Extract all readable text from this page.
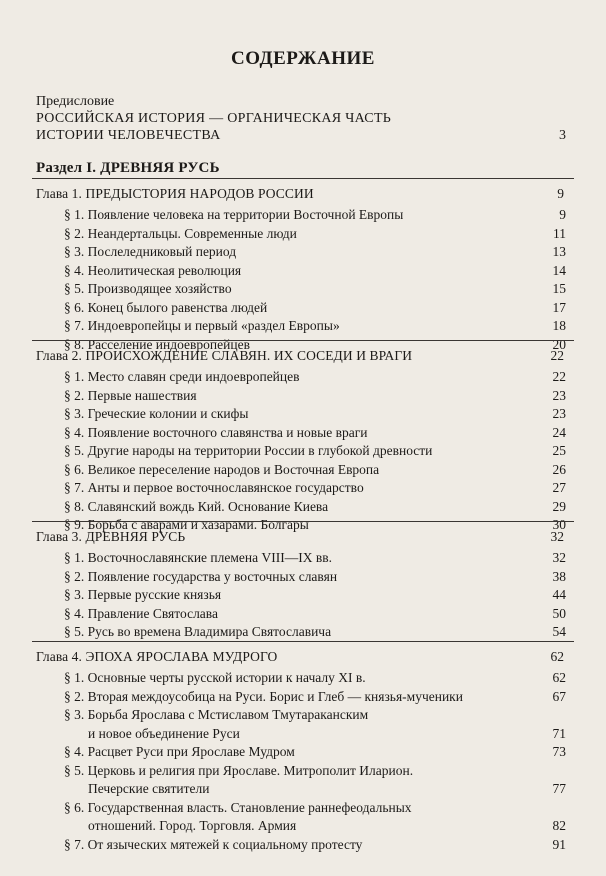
СОДЕРЖАНИЕ
Предисловие
РОССИЙСКАЯ ИСТОРИЯ — ОРГАНИЧЕСКАЯ ЧАСТЬ
ИСТОРИИ ЧЕЛОВЕЧЕСТВА	3
Раздел I. ДРЕВНЯЯ РУСЬ
Глава 1. ПРЕДЫСТОРИЯ НАРОДОВ РОССИИ	9
§ 1. Появление человека на территории Восточной Европы	9
§ 2. Неандертальцы. Современные люди	11
§ 3. Послеледниковый период	13
§ 4. Неолитическая революция	14
§ 5. Производящее хозяйство	15
§ 6. Конец былого равенства людей	17
§ 7. Индоевропейцы и первый «раздел Европы»	18
§ 8. Расселение индоевропейцев	20
Глава 2. ПРОИСХОЖДЕНИЕ СЛАВЯН. ИХ СОСЕДИ И ВРАГИ	22
§ 1. Место славян среди индоевропейцев	22
§ 2. Первые нашествия	23
§ 3. Греческие колонии и скифы	23
§ 4. Появление восточного славянства и новые враги	24
§ 5. Другие народы на территории России в глубокой древности	25
§ 6. Великое переселение народов и Восточная Европа	26
§ 7. Анты и первое восточнославянское государство	27
§ 8. Славянский вождь Кий. Основание Киева	29
§ 9. Борьба с аварами и хазарами. Болгары	30
Глава 3. ДРЕВНЯЯ РУСЬ	32
§ 1. Восточнославянские племена VIII—IX вв.	32
§ 2. Появление государства у восточных славян	38
§ 3. Первые русские князья	44
§ 4. Правление Святослава	50
§ 5. Русь во времена Владимира Святославича	54
Глава 4. ЭПОХА ЯРОСЛАВА МУДРОГО	62
§ 1. Основные черты русской истории к началу XI в.	62
§ 2. Вторая междоусобица на Руси. Борис и Глеб — князья-мученики	67
§ 3. Борьба Ярослава с Мстиславом Тмутараканским
и новое объединение Руси	71
§ 4. Расцвет Руси при Ярославе Мудром	73
§ 5. Церковь и религия при Ярославе. Митрополит Иларион.
Печерские святители	77
§ 6. Государственная власть. Становление раннефеодальных
отношений. Город. Торговля. Армия	82
§ 7. От языческих мятежей к социальному протесту	91
